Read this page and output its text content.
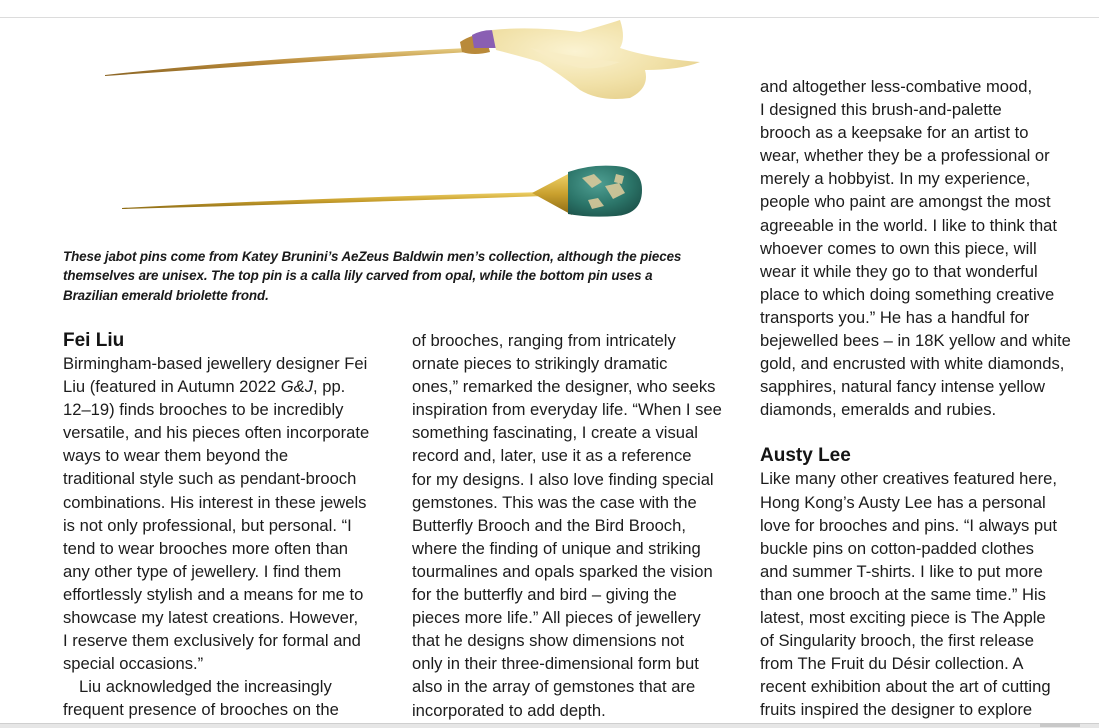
These jabot pins come from Katey Brunini’s AeZeus Baldwin men’s collection, although the pieces
themselves are unisex. The top pin is a calla lily carved from opal, while the bottom pin uses a
Brazilian emerald briolette frond.
Fei Liu
Birmingham-based jewellery designer Fei
Liu (featured in Autumn 2022 G&J, pp.
12–19) finds brooches to be incredibly
versatile, and his pieces often incorporate
ways to wear them beyond the
traditional style such as pendant-brooch
combinations. His interest in these jewels
is not only professional, but personal. “I
tend to wear brooches more often than
any other type of jewellery. I find them
effortlessly stylish and a means for me to
showcase my latest creations. However,
I reserve them exclusively for formal and
special occasions.”
Liu acknowledged the increasingly
frequent presence of brooches on the
of brooches, ranging from intricately
ornate pieces to strikingly dramatic
ones,” remarked the designer, who seeks
inspiration from everyday life. “When I see
something fascinating, I create a visual
record and, later, use it as a reference
for my designs. I also love finding special
gemstones. This was the case with the
Butterfly Brooch and the Bird Brooch,
where the finding of unique and striking
tourmalines and opals sparked the vision
for the butterfly and bird – giving the
pieces more life.” All pieces of jewellery
that he designs show dimensions not
only in their three-dimensional form but
also in the array of gemstones that are
incorporated to add depth.
and altogether less-combative mood,
I designed this brush-and-palette
brooch as a keepsake for an artist to
wear, whether they be a professional or
merely a hobbyist. In my experience,
people who paint are amongst the most
agreeable in the world. I like to think that
whoever comes to own this piece, will
wear it while they go to that wonderful
place to which doing something creative
transports you.” He has a handful for
bejewelled bees – in 18K yellow and white
gold, and encrusted with white diamonds,
sapphires, natural fancy intense yellow
diamonds, emeralds and rubies.
Austy Lee
Like many other creatives featured here,
Hong Kong’s Austy Lee has a personal
love for brooches and pins. “I always put
buckle pins on cotton-padded clothes
and summer T-shirts. I like to put more
than one brooch at the same time.” His
latest, most exciting piece is The Apple
of Singularity brooch, the first release
from The Fruit du Désir collection. A
recent exhibition about the art of cutting
fruits inspired the designer to explore
